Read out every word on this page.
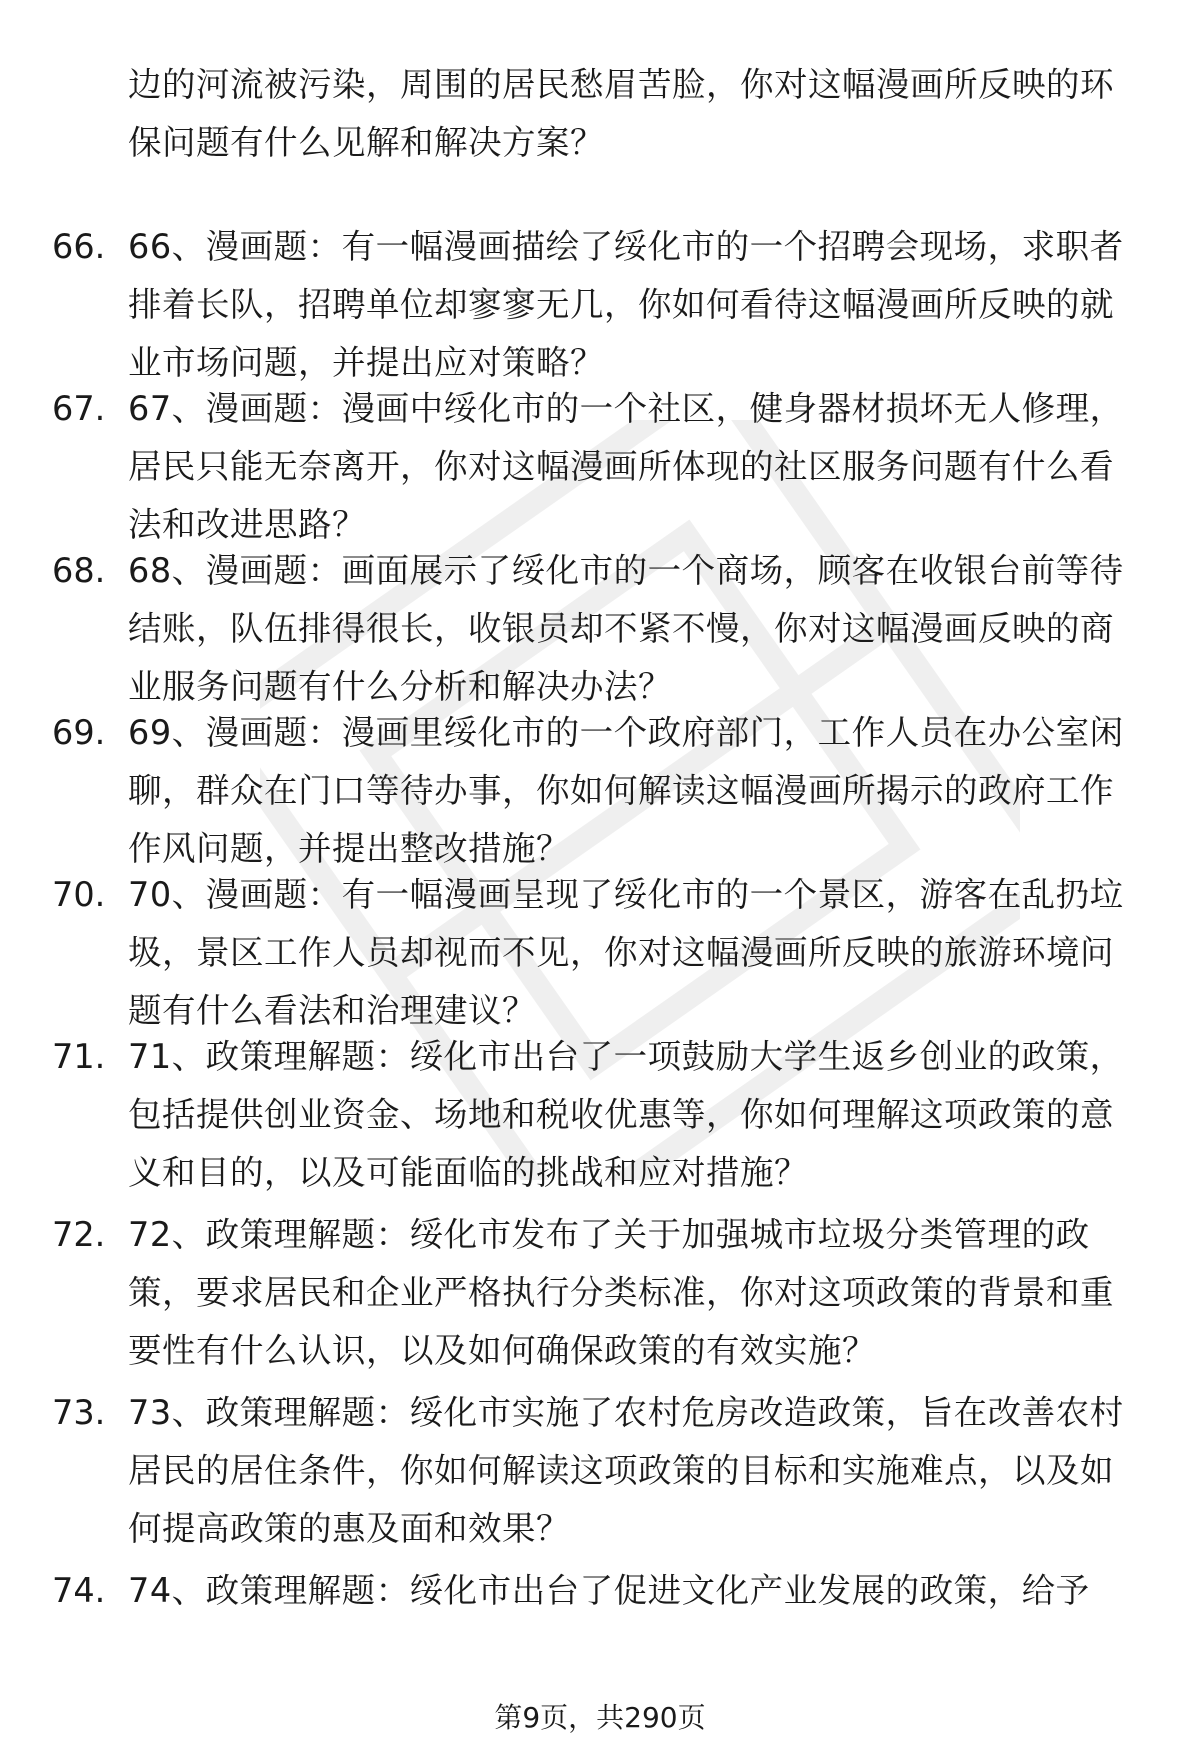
边的河流被污染，周围的居民愁眉苦脸，你对这幅漫画所反映的环保问题有什么见解和解决方案？
66. 66、漫画题：有一幅漫画描绘了绥化市的一个招聘会现场，求职者排着长队，招聘单位却寥寥无几，你如何看待这幅漫画所反映的就业市场问题，并提出应对策略？
67. 67、漫画题：漫画中绥化市的一个社区，健身器材损坏无人修理，居民只能无奈离开，你对这幅漫画所体现的社区服务问题有什么看法和改进思路？
68. 68、漫画题：画面展示了绥化市的一个商场，顾客在收银台前等待结账，队伍排得很长，收银员却不紧不慢，你对这幅漫画反映的商业服务问题有什么分析和解决办法？
69. 69、漫画题：漫画里绥化市的一个政府部门，工作人员在办公室闲聊，群众在门口等待办事，你如何解读这幅漫画所揭示的政府工作作风问题，并提出整改措施？
70. 70、漫画题：有一幅漫画呈现了绥化市的一个景区，游客在乱扔垃圾，景区工作人员却视而不见，你对这幅漫画所反映的旅游环境问题有什么看法和治理建议？
71. 71、政策理解题：绥化市出台了一项鼓励大学生返乡创业的政策，包括提供创业资金、场地和税收优惠等，你如何理解这项政策的意义和目的，以及可能面临的挑战和应对措施？
72. 72、政策理解题：绥化市发布了关于加强城市垃圾分类管理的政策，要求居民和企业严格执行分类标准，你对这项政策的背景和重要性有什么认识，以及如何确保政策的有效实施？
73. 73、政策理解题：绥化市实施了农村危房改造政策，旨在改善农村居民的居住条件，你如何解读这项政策的目标和实施难点，以及如何提高政策的惠及面和效果？
74. 74、政策理解题：绥化市出台了促进文化产业发展的政策，给予
第9页，共290页
